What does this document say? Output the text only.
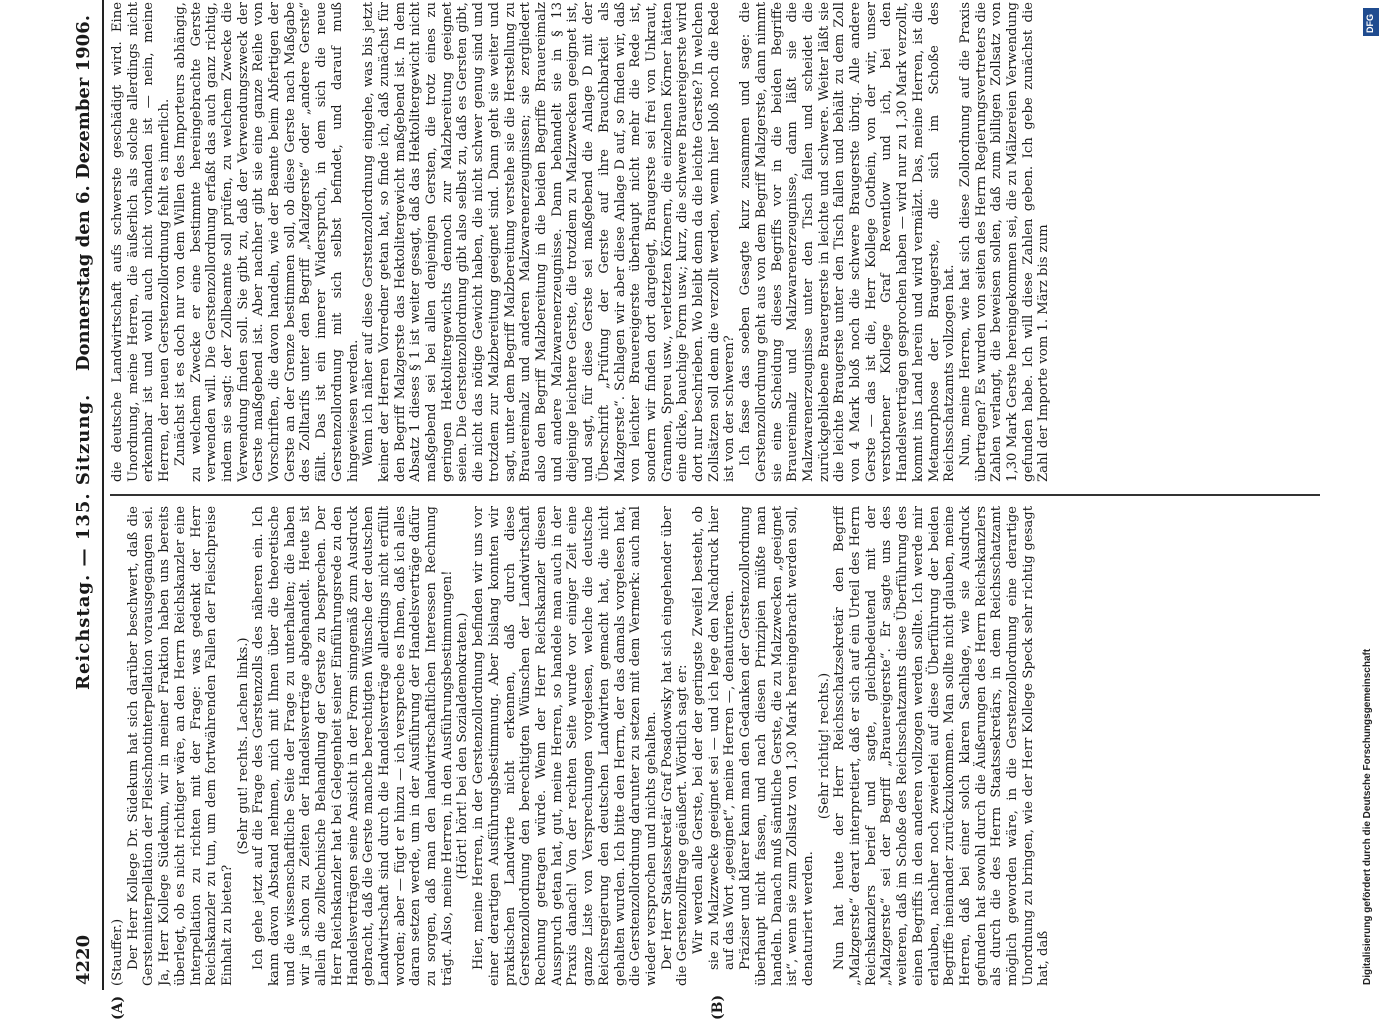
4220
Reichstag. — 135. Sitzung.
Donnerstag den 6. Dezember 1906.
(A)	(B)

(Stauffer.) Der Herr Kollege Dr. Südekum hat sich darüber beschwert, daß die Gersteninterpellation der Fleischnotinterpellation vorausgegangen sei. Ja, Herr Kollege Südekum, wir in meiner Fraktion haben uns bereits überlegt, ob es nicht richtiger wäre, an den Herrn Reichskanzler eine Interpellation zu richten mit der Frage: was gedenkt der Herr Reichskanzler zu tun, um dem fortwährenden Fallen der Fleischpreise Einhalt zu bieten?

(Sehr gut! rechts. Lachen links.) Ich gehe jetzt auf die Frage des Gerstenzolls des näheren ein. Ich kann davon Abstand nehmen, mich mit Ihnen über die theoretische und die wissenschaftliche Seite der Frage zu unterhalten; die haben wir ja schon zu Zeiten der Handelsverträge abgehandelt. Heute ist allein die zolltechnische Behandlung der Gerste zu besprechen. Der Herr Reichskanzler hat bei Gelegenheit seiner Einführungsrede zu den Handelsverträgen seine Ansicht in der Form sinngemäß zum Ausdruck gebracht, daß die Gerste manche berechtigten Wünsche der deutschen Landwirtschaft sind durch die Handelsverträge allerdings nicht erfüllt worden; aber — fügt er hinzu — ich verspreche es Ihnen, daß ich alles daran setzen werde, um in der Ausführung der Handelsverträge dafür zu sorgen, daß man den landwirtschaftlichen Interessen Rechnung trägt. Also, meine Herren, in den Ausführungsbestimmungen! (Hört! hört! bei den Sozialdemokraten.) Hier, meine Herren, in der Gerstenzollordnung befinden wir uns vor einer derartigen Ausführungsbestimmung. Aber bislang konnten wir praktischen Landwirte nicht erkennen, daß durch diese Gerstenzollordnung den berechtigten Wünschen der Landwirtschaft Rechnung getragen würde. Wenn der Herr Reichskanzler diesen Ausspruch getan hat, gut, meine Herren, so handele man auch in der Praxis danach! Von der rechten Seite wurde vor einiger Zeit eine ganze Liste von Versprechungen vorgelesen, welche die deutsche Reichsregierung den deutschen Landwirten gemacht hat, die nicht gehalten wurden. Ich bitte den Herrn, der das damals vorgelesen hat, die Gerstenzollordnung darunter zu setzen mit dem Vermerk: auch mal wieder versprochen und nichts gehalten. Der Herr Staatssekretär Graf Posadowsky hat sich eingehender über die Gerstenzollfrage geäußert. Wörtlich sagt er: Wir werden alle Gerste, bei der der geringste Zweifel besteht, ob sie zu Malzzwecke geeignet sei — und ich lege den Nachdruck hier auf das Wort „geeignet“, meine Herren —, denaturieren. Präziser und klarer kann man den Gedanken der Gerstenzollordnung überhaupt nicht fassen, und nach diesen Prinzipien müßte man handeln. Danach muß sämtliche Gerste, die zu Malzzwecken „geeignet ist“, wenn sie zum Zollsatz von 1,30 Mark hereingebracht werden soll, denaturiert werden.

(Sehr richtig! rechts.) Nun hat heute der Herr Reichsschatzsekretär den Begriff „Malzgerste“ derart interpretiert, daß er sich auf ein Urteil des Herrn Reichskanzlers berief und sagte, gleichbedeutend mit der „Malzgerste“ sei der Begriff „Brauereigerste“. Er sagte uns des weiteren, daß im Schoße des Reichsschatzamts diese Überführung des einen Begriffs in den anderen vollzogen werden sollte. Ich werde mir erlauben, nachher noch zweierlei auf diese Überführung der beiden Begriffe ineinander zurückzukommen. Man sollte nicht glauben, meine Herren, daß bei einer solch klaren Sachlage, wie sie Ausdruck gefunden hat sowohl durch die Äußerungen des Herrn Reichskanzlers als durch die des Herrn Staatssekretärs, in dem Reichsschatzamt möglich geworden wäre, in die Gerstenzollordnung eine derartige Unordnung zu bringen, wie der Herr Kollege Speck sehr richtig gesagt hat, daß

die deutsche Landwirtschaft aufs schwerste geschädigt wird. Eine Unordnung, meine Herren, die äußerlich als solche allerdings nicht erkennbar ist und wohl auch nicht vorhanden ist — nein, meine Herren, der neuen Gerstenzollordnung fehlt es innerlich. Zunächst ist es doch nur von dem Willen des Importeurs abhängig, zu welchem Zwecke er eine bestimmte hereingebrachte Gerste verwenden will. Die Gerstenzollordnung erfaßt das auch ganz richtig, indem sie sagt: der Zollbeamte soll prüfen, zu welchem Zwecke die Verwendung finden soll. Sie gibt zu, daß der Verwendungszweck der Gerste maßgebend ist. Aber nachher gibt sie eine ganze Reihe von Vorschriften, die davon handeln, wie der Beamte beim Abfertigen der Gerste an der Grenze bestimmen soll, ob diese Gerste nach Maßgabe des Zolltarifs unter den Begriff „Malzgerste“ oder „andere Gerste“ fällt. Das ist ein innerer Widerspruch, in dem sich die neue Gerstenzollordnung mit sich selbst befindet, und darauf muß hingewiesen werden. Wenn ich näher auf diese Gerstenzollordnung eingehe, was bis jetzt keiner der Herren Vorredner getan hat, so finde ich, daß zunächst für den Begriff Malzgerste das Hektolitergewicht maßgebend ist. In dem Absatz 1 dieses § 1 ist weiter gesagt, daß das Hektolitergewicht nicht maßgebend sei bei allen denjenigen Gersten, die trotz eines zu geringen Hektolitergewichts dennoch zur Malzbereitung geeignet seien. Die Gerstenzollordnung gibt also selbst zu, daß es Gersten gibt, die nicht das nötige Gewicht haben, die nicht schwer genug sind und trotzdem zur Malzbereitung geeignet sind. Dann geht sie weiter und sagt, unter dem Begriff Malzbereitung verstehe sie die Herstellung zu Brauereimalz und anderen Malzwarenerzeugnissen; sie zergliedert also den Begriff Malzbereitung in die beiden Begriffe Brauereimalz und andere Malzwarenerzeugnisse. Dann behandelt sie in § 13 diejenige leichtere Gerste, die trotzdem zu Malzzwecken geeignet ist, und sagt, für diese Gerste sei maßgebend die Anlage D mit der Überschrift „Prüfung der Gerste auf ihre Brauchbarkeit als Malzgerste“. Schlagen wir aber diese Anlage D auf, so finden wir, daß von leichter Brauereigerste überhaupt nicht mehr die Rede ist, sondern wir finden dort dargelegt, Braugerste sei frei von Unkraut, Grannen, Spreu usw., verletzten Körnern, die einzelnen Körner hätten eine dicke, bauchige Form usw.; kurz, die schwere Brauereigerste wird dort nur beschrieben. Wo bleibt denn da die leichte Gerste? In welchen Zollsätzen soll denn die verzollt werden, wenn hier bloß noch die Rede ist von der schweren? Ich fasse das soeben Gesagte kurz zusammen und sage: die Gerstenzollordnung geht aus von dem Begriff Malzgerste, dann nimmt sie eine Scheidung dieses Begriffs vor in die beiden Begriffe Brauereimalz und Malzwarenerzeugnisse, dann läßt sie die Malzwarenerzeugnisse unter den Tisch fallen und scheidet die zurückgebliebene Brauergerste in leichte und schwere. Weiter läßt sie die leichte Braugerste unter den Tisch fallen und behält zu dem Zoll von 4 Mark bloß noch die schwere Braugerste übrig. Alle andere Gerste — das ist die, Herr Kollege Gothein, von der wir, unser verstorbener Kollege Graf Reventlow und ich, bei den Handelsverträgen gesprochen haben — wird nur zu 1,30 Mark verzollt, kommt ins Land herein und wird vermälzt. Das, meine Herren, ist die Metamorphose der Braugerste, die sich im Schoße des Reichsschatzamts vollzogen hat. Nun, meine Herren, wie hat sich diese Zollordnung auf die Praxis übertragen? Es wurden von seiten des Herrn Regierungsvertreters die Zahlen verlangt, die beweisen sollen, daß zum billigen Zollsatz von 1,30 Mark Gerste hereingekommen sei, die zu Mälzereien Verwendung gefunden habe. Ich will diese Zahlen geben. Ich gebe zunächst die Zahl der Importe vom 1. März bis zum

Digitalisierung gefördert durch die Deutsche Forschungsgemeinschaft
DFG
